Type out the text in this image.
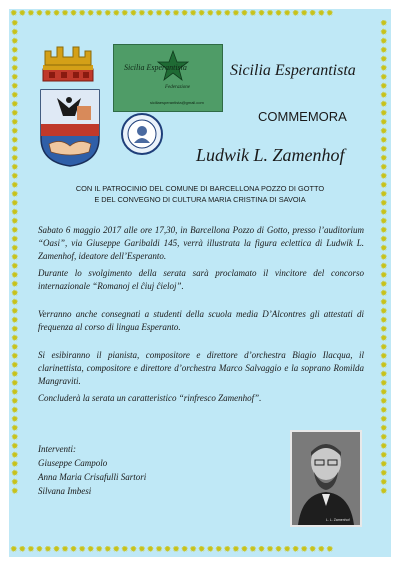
✹✹✹✹✹✹✹✹✹✹✹✹✹✹✹✹✹✹✹✹✹✹✹✹✹✹✹✹✹✹✹✹✹✹✹✹✹✹
✹✹✹✹✹✹✹✹✹✹✹✹✹✹✹✹✹✹✹✹✹✹✹✹✹✹✹✹✹✹✹✹✹✹✹✹✹✹
✹✹✹✹✹✹✹✹✹✹✹✹✹✹✹✹✹✹✹✹✹✹✹✹✹✹✹✹✹✹✹✹✹✹✹✹✹✹✹✹✹✹✹✹✹✹✹✹✹✹✹✹✹
✹✹✹✹✹✹✹✹✹✹✹✹✹✹✹✹✹✹✹✹✹✹✹✹✹✹✹✹✹✹✹✹✹✹✹✹✹✹✹✹✹✹✹✹✹✹✹✹✹✹✹✹✹
Sicilia Esperantista
Federazione
siciliaesperantista@gmail.com
Sicilia Esperantista
COMMEMORA
Ludwik L. Zamenhof
CON IL PATROCINIO DEL COMUNE DI BARCELLONA POZZO DI GOTTO
E DEL CONVEGNO DI CULTURA MARIA CRISTINA DI SAVOIA
Sabato 6 maggio 2017 alle ore 17,30, in Barcellona Pozzo di Gotto, presso l’auditorium “Oasi”, via Giuseppe Garibaldi 145, verrà illustrata la figura eclettica di Ludwik L. Zamenhof, ideatore dell’Esperanto.
Durante lo svolgimento della serata sarà proclamato il vincitore del concorso internazionale “Romanoj el ĉiuj ĉieloj”.
Verranno anche consegnati a studenti della scuola media D’Alcontres gli attestati di frequenza al corso di lingua Esperanto.
Si esibiranno il pianista, compositore e direttore d’orchestra Biagio Ilacqua, il clarinettista, compositore e direttore d’orchestra Marco Salvaggio e la soprano Romilda Mangraviti.
Concluderà la serata un caratteristico “rinfresco Zamenhof”.
Interventi:
Giuseppe Campolo
Anna Maria Crisafulli Sartori
Silvana Imbesi
L. L. Zamenhof
